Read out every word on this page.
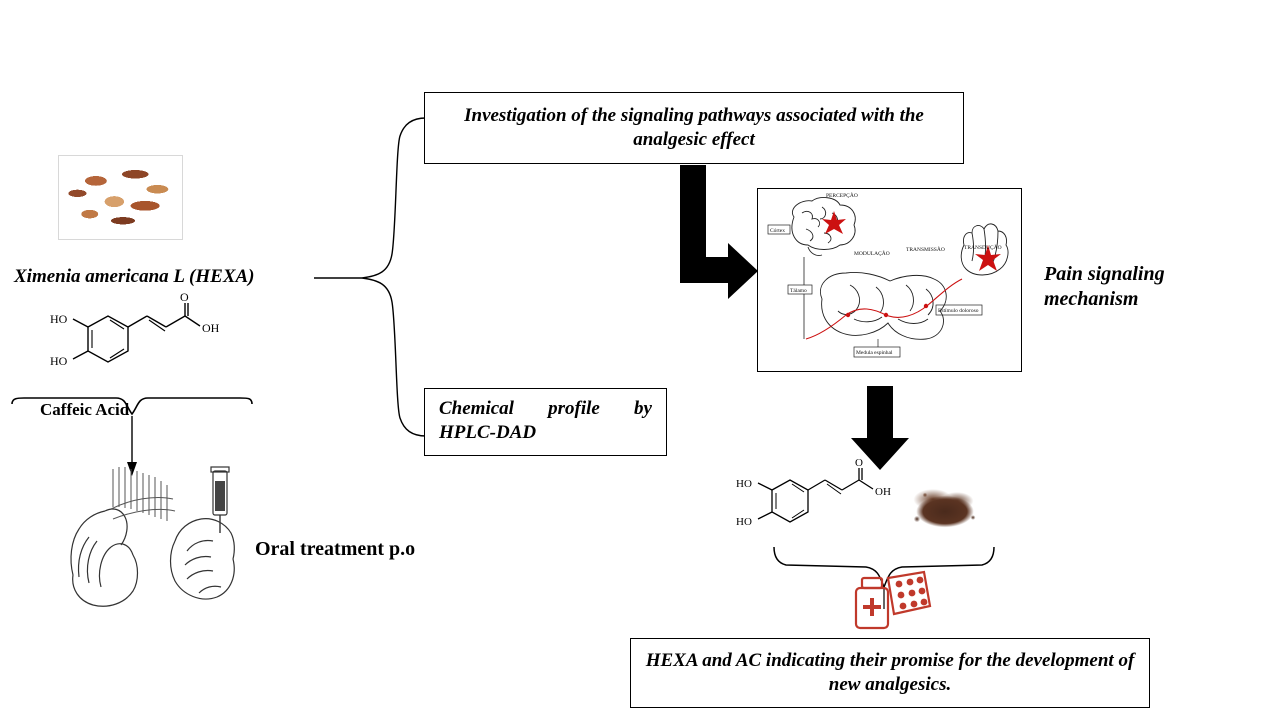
Ximenia americana L (HEXA)
HO
HO
O
OH
Caffeic Acid
Oral treatment p.o
Investigation of the signaling pathways associated with the analgesic effect
Chemical profile by HPLC-DAD
PERCEPÇÃO
Córtex
Tálamo
MODULAÇÃO
TRANSMISSÃO	TRANSDUÇÃO
Estímulo doloroso
Medula espinhal
Pain signaling mechanism
HO
HO
O
OH
HEXA and AC indicating their promise for the development of new analgesics.
